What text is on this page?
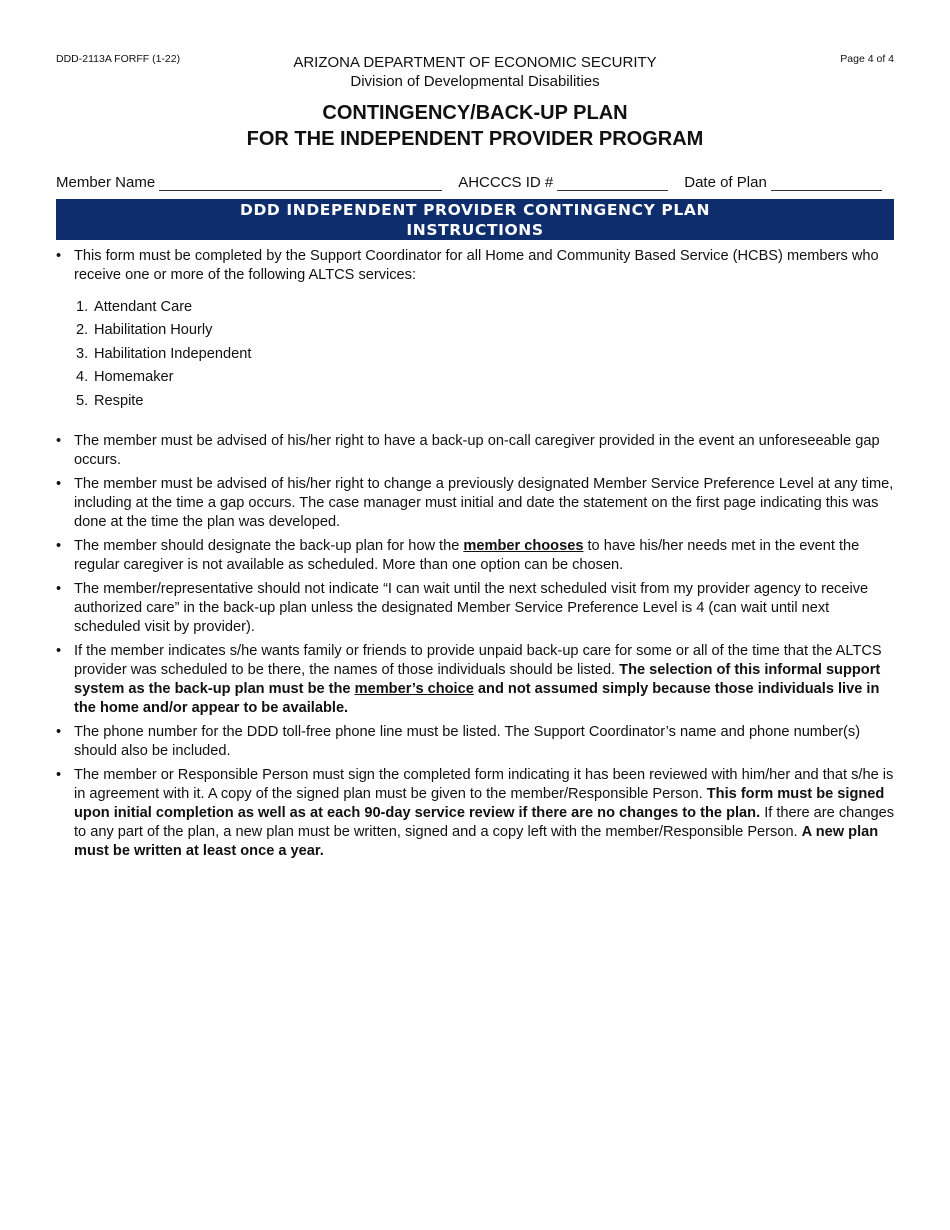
DDD-2113A FORFF (1-22)	ARIZONA DEPARTMENT OF ECONOMIC SECURITY
Division of Developmental Disabilities
Page 4 of 4
CONTINGENCY/BACK-UP PLAN
FOR THE INDEPENDENT PROVIDER PROGRAM
Member Name	AHCCCS ID #	Date of Plan
DDD INDEPENDENT PROVIDER CONTINGENCY PLAN
INSTRUCTIONS
• This form must be completed by the Support Coordinator for all Home and Community Based Service (HCBS) members who receive one or more of the following ALTCS services:
1. Attendant Care
2. Habilitation Hourly
3. Habilitation Independent
4. Homemaker
5. Respite
• The member must be advised of his/her right to have a back-up on-call caregiver provided in the event an unforeseeable gap occurs.
• The member must be advised of his/her right to change a previously designated Member Service Preference Level at any time, including at the time a gap occurs. The case manager must initial and date the statement on the first page indicating this was done at the time the plan was developed.
• The member should designate the back-up plan for how the member chooses to have his/her needs met in the event the regular caregiver is not available as scheduled. More than one option can be chosen.
• The member/representative should not indicate “I can wait until the next scheduled visit from my provider agency to receive authorized care” in the back-up plan unless the designated Member Service Preference Level is 4 (can wait until next scheduled visit by provider).
• If the member indicates s/he wants family or friends to provide unpaid back-up care for some or all of the time that the ALTCS provider was scheduled to be there, the names of those individuals should be listed. The selection of this informal support system as the back-up plan must be the member’s choice and not assumed simply because those individuals live in the home and/or appear to be available.
• The phone number for the DDD toll-free phone line must be listed. The Support Coordinator’s name and phone number(s) should also be included.
• The member or Responsible Person must sign the completed form indicating it has been reviewed with him/her and that s/he is in agreement with it. A copy of the signed plan must be given to the member/Responsible Person. This form must be signed upon initial completion as well as at each 90-day service review if there are no changes to the plan. If there are changes to any part of the plan, a new plan must be written, signed and a copy left with the member/Responsible Person. A new plan must be written at least once a year.
